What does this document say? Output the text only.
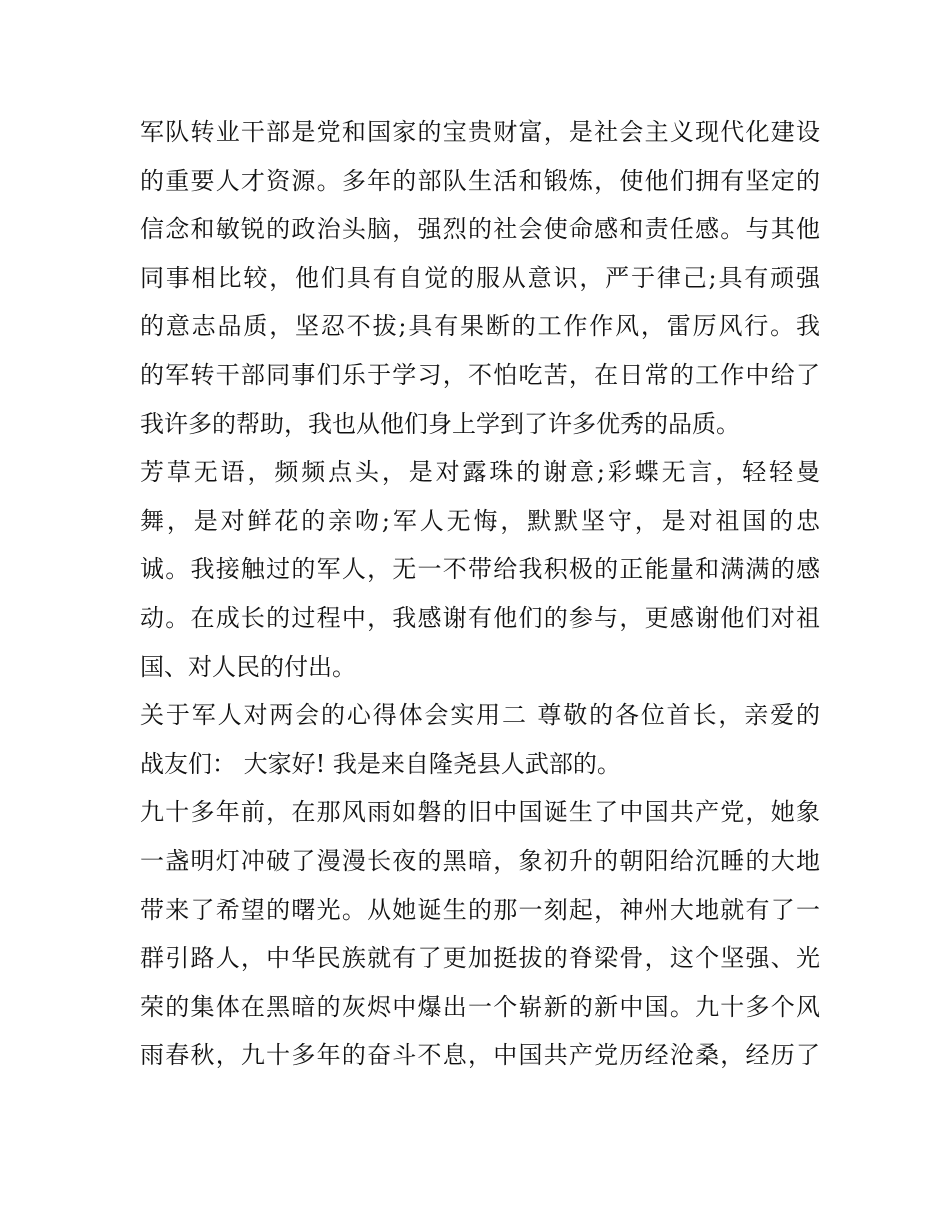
军队转业干部是党和国家的宝贵财富，是社会主义现代化建设
的重要人才资源。多年的部队生活和锻炼，使他们拥有坚定的
信念和敏锐的政治头脑，强烈的社会使命感和责任感。与其他
同事相比较，他们具有自觉的服从意识，严于律己;具有顽强
的意志品质，坚忍不拔;具有果断的工作作风，雷厉风行。我
的军转干部同事们乐于学习，不怕吃苦，在日常的工作中给了
我许多的帮助，我也从他们身上学到了许多优秀的品质。
芳草无语，频频点头，是对露珠的谢意;彩蝶无言，轻轻曼
舞，是对鲜花的亲吻;军人无悔，默默坚守，是对祖国的忠
诚。我接触过的军人，无一不带给我积极的正能量和满满的感
动。在成长的过程中，我感谢有他们的参与，更感谢他们对祖
国、对人民的付出。
关于军人对两会的心得体会实用二 尊敬的各位首长，亲爱的
战友们： 大家好! 我是来自隆尧县人武部的。
九十多年前，在那风雨如磐的旧中国诞生了中国共产党，她象
一盏明灯冲破了漫漫长夜的黑暗，象初升的朝阳给沉睡的大地
带来了希望的曙光。从她诞生的那一刻起，神州大地就有了一
群引路人，中华民族就有了更加挺拔的脊梁骨，这个坚强、光
荣的集体在黑暗的灰烬中爆出一个崭新的新中国。九十多个风
雨春秋，九十多年的奋斗不息，中国共产党历经沧桑，经历了
